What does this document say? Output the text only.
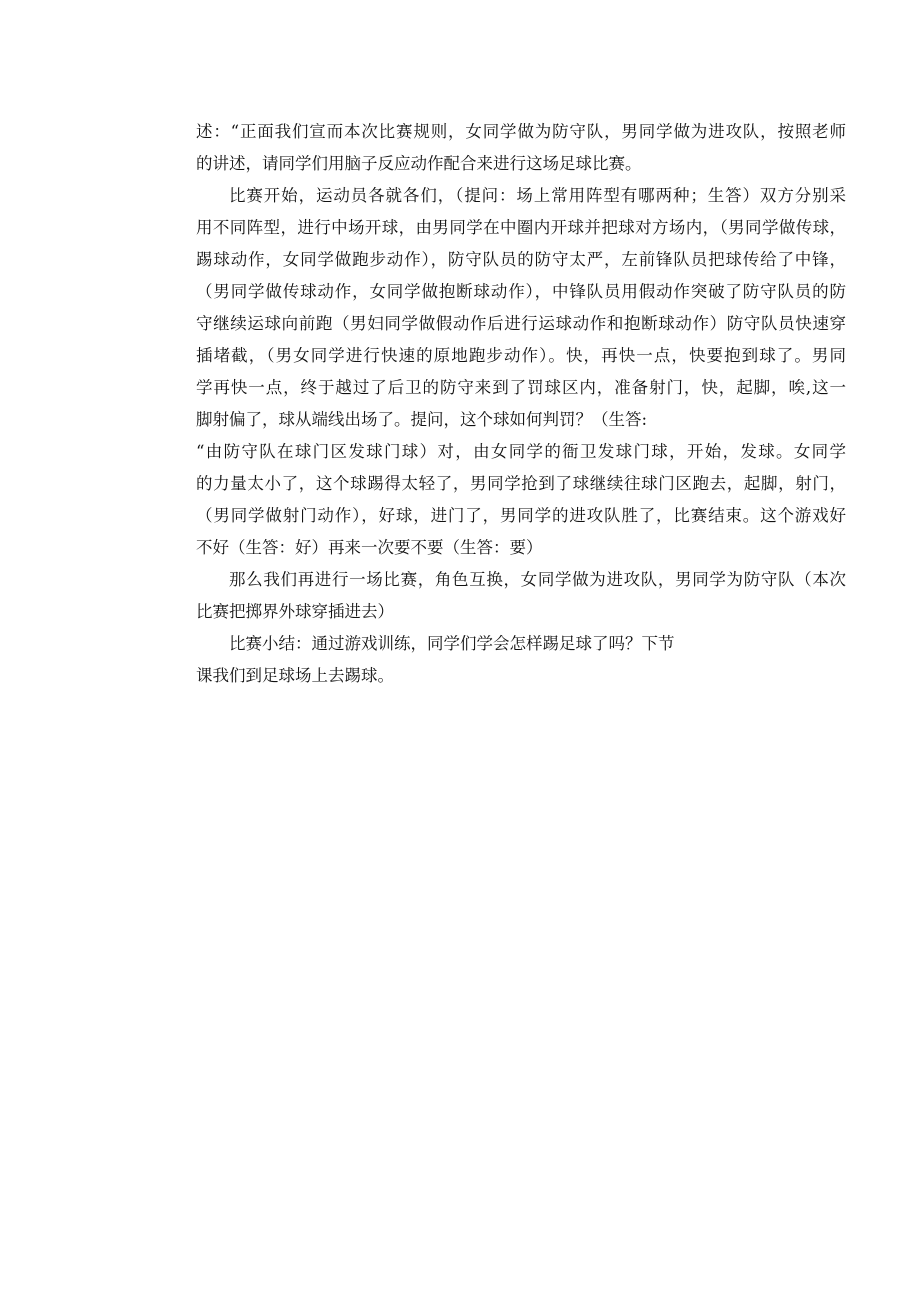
述：“正面我们宣而本次比赛规则，女同学做为防守队，男同学做为进攻队，按照老师
的讲述，请同学们用脑子反应动作配合来进行这场足球比赛。
比赛开始，运动员各就各们，（提问：场上常用阵型有哪两种；生答）双方分别采
用不同阵型，进行中场开球，由男同学在中圈内开球并把球对方场内，（男同学做传球，
踢球动作，女同学做跑步动作），防守队员的防守太严，左前锋队员把球传给了中锋，
（男同学做传球动作，女同学做抱断球动作），中锋队员用假动作突破了防守队员的防
守继续运球向前跑（男妇同学做假动作后进行运球动作和抱断球动作）防守队员快速穿
插堵截，（男女同学进行快速的原地跑步动作）。快，再快一点，快要抱到球了。男同
学再快一点，终于越过了后卫的防守来到了罚球区内，准备射门，快，起脚，唉,这一
脚射偏了，球从端线出场了。提问，这个球如何判罚？（生答:
“由防守队在球门区发球门球）对，由女同学的衙卫发球门球，开始，发球。女同学
的力量太小了，这个球踢得太轻了，男同学抢到了球继续往球门区跑去，起脚，射门，
（男同学做射门动作），好球，进门了，男同学的进攻队胜了，比赛结束。这个游戏好
不好（生答：好）再来一次要不要（生答：要）
那么我们再进行一场比赛，角色互换，女同学做为进攻队，男同学为防守队（本次
比赛把掷界外球穿插进去）
比赛小结：通过游戏训练，同学们学会怎样踢足球了吗？下节
课我们到足球场上去踢球。
